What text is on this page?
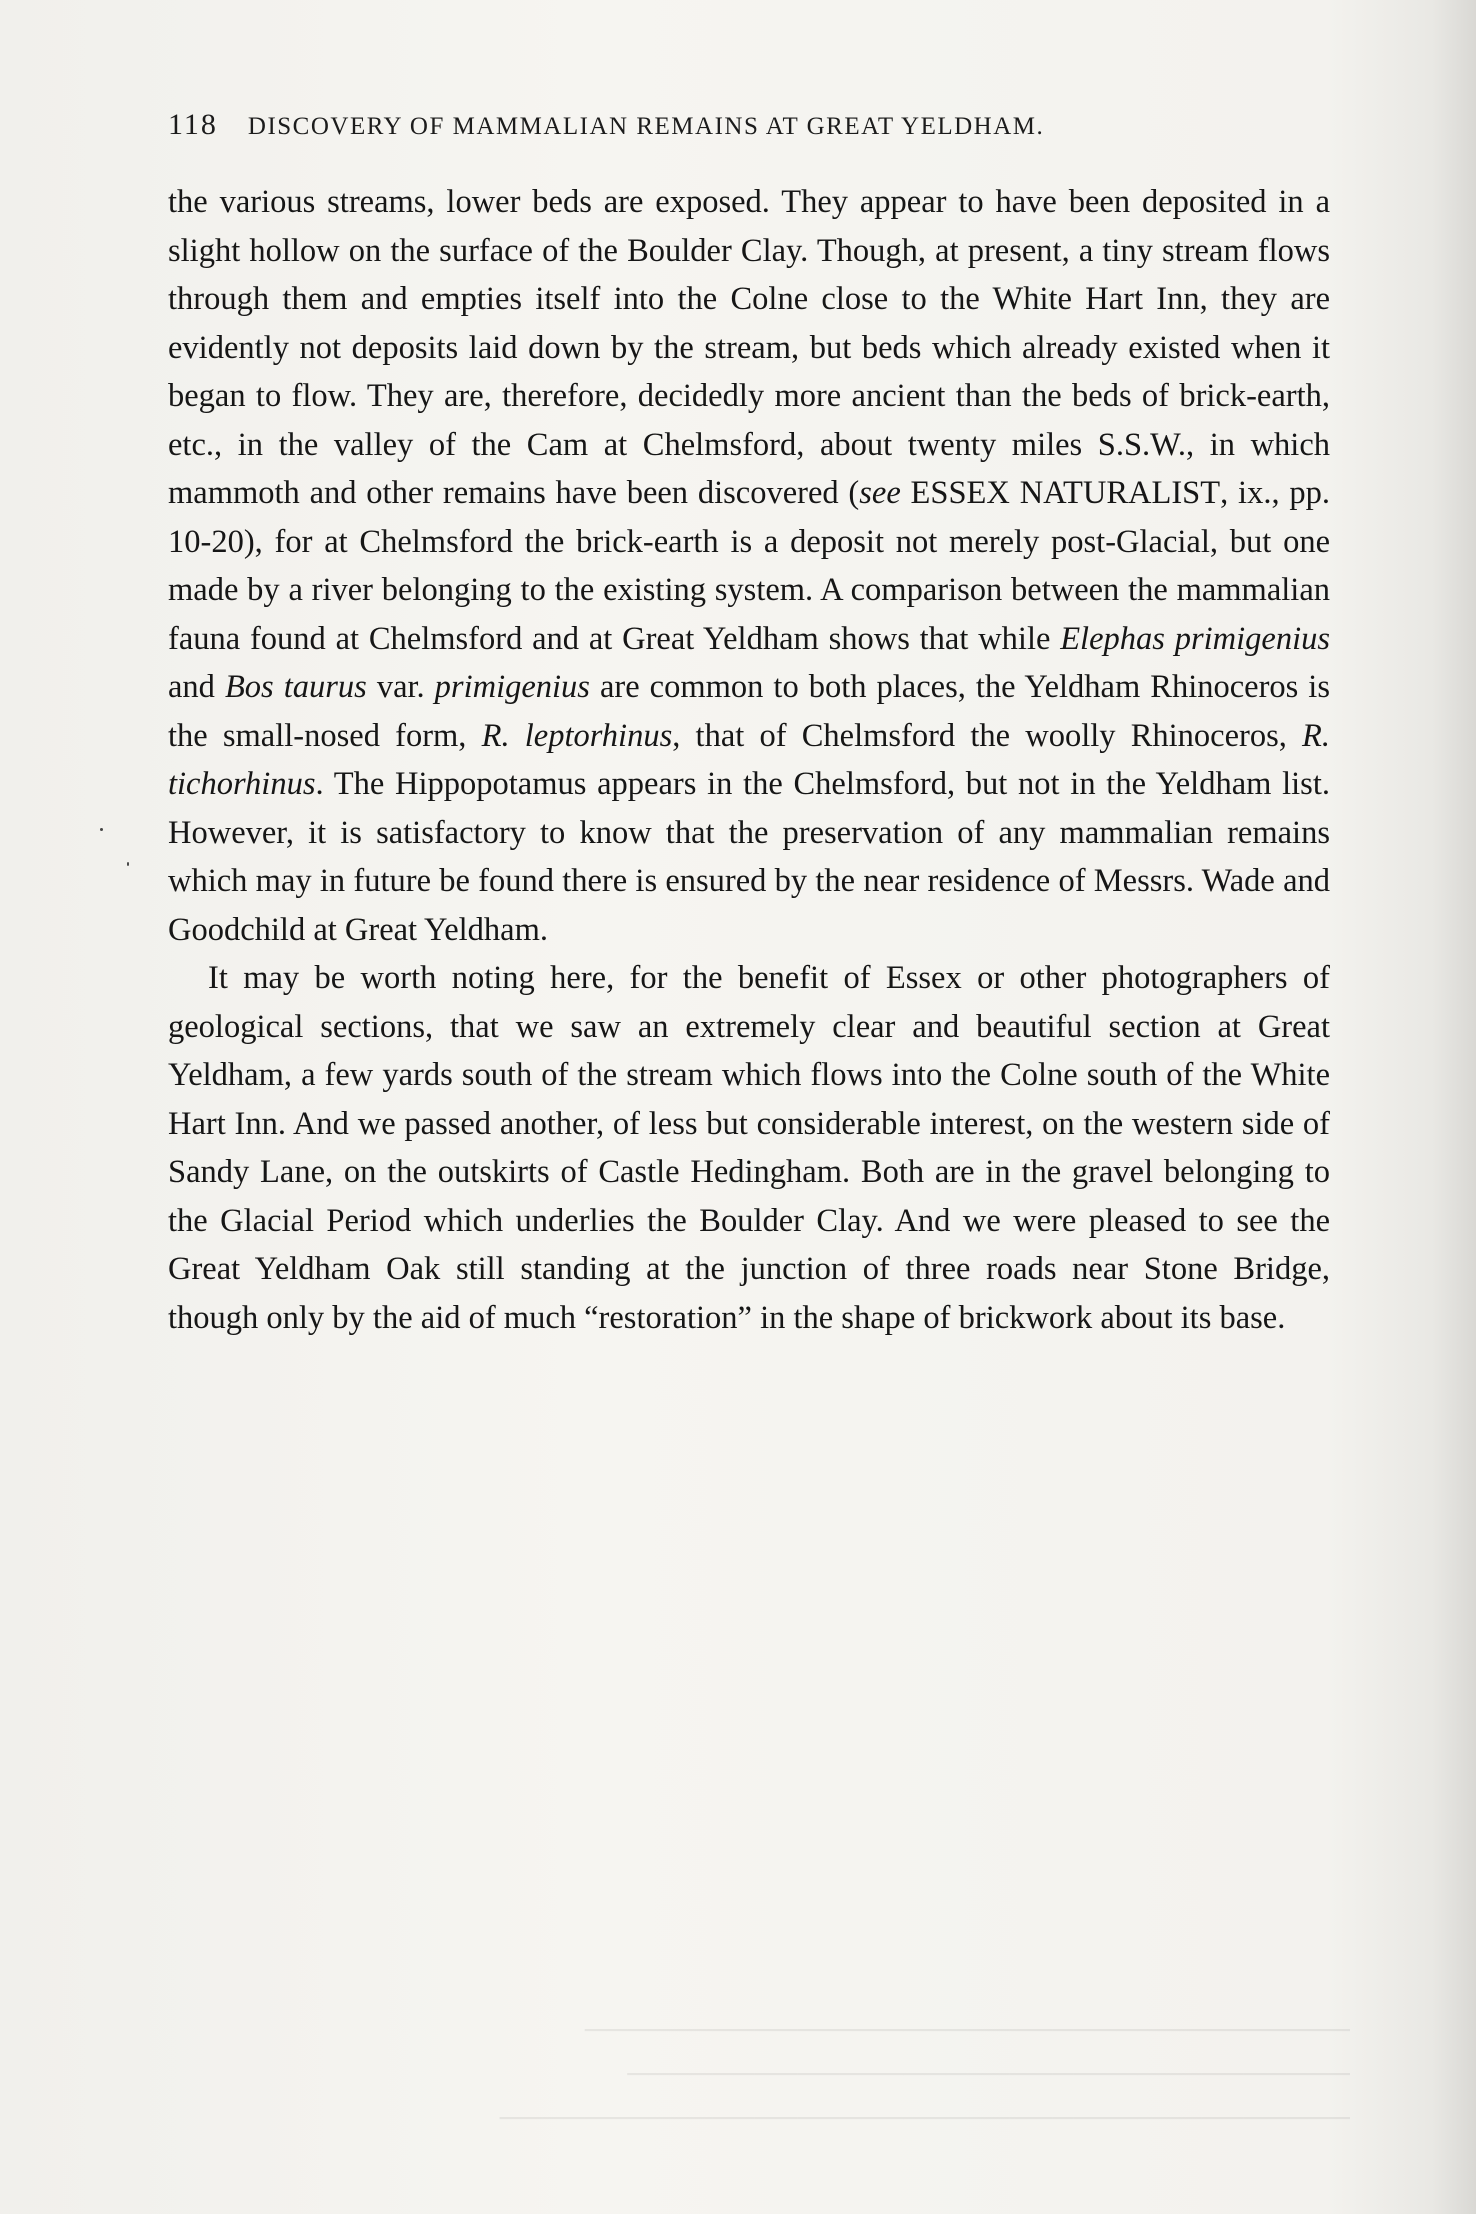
────────────────────────────────────────
──────────────────────────────────
────────────────────────────────────
118 DISCOVERY OF MAMMALIAN REMAINS AT GREAT YELDHAM.

the various streams, lower beds are exposed. They appear to have been deposited in a slight hollow on the surface of the Boulder Clay. Though, at present, a tiny stream flows through them and empties itself into the Colne close to the White Hart Inn, they are evidently not deposits laid down by the stream, but beds which already existed when it began to flow. They are, therefore, decidedly more ancient than the beds of brick-earth, etc., in the valley of the Cam at Chelmsford, about twenty miles S.S.W., in which mammoth and other remains have been discovered (see ESSEX NATURALIST, ix., pp. 10-20), for at Chelmsford the brick-earth is a deposit not merely post-Glacial, but one made by a river belonging to the existing system. A comparison between the mammalian fauna found at Chelmsford and at Great Yeldham shows that while Elephas primigenius and Bos taurus var. primigenius are common to both places, the Yeldham Rhinoceros is the small-nosed form, R. leptorhinus, that of Chelmsford the woolly Rhinoceros, R. tichorhinus. The Hippopotamus appears in the Chelmsford, but not in the Yeldham list. However, it is satisfactory to know that the preservation of any mammalian remains which may in future be found there is ensured by the near residence of Messrs. Wade and Goodchild at Great Yeldham.

It may be worth noting here, for the benefit of Essex or other photographers of geological sections, that we saw an extremely clear and beautiful section at Great Yeldham, a few yards south of the stream which flows into the Colne south of the White Hart Inn. And we passed another, of less but considerable interest, on the western side of Sandy Lane, on the outskirts of Castle Hedingham. Both are in the gravel belonging to the Glacial Period which underlies the Boulder Clay. And we were pleased to see the Great Yeldham Oak still standing at the junction of three roads near Stone Bridge, though only by the aid of much “restoration” in the shape of brickwork about its base.
